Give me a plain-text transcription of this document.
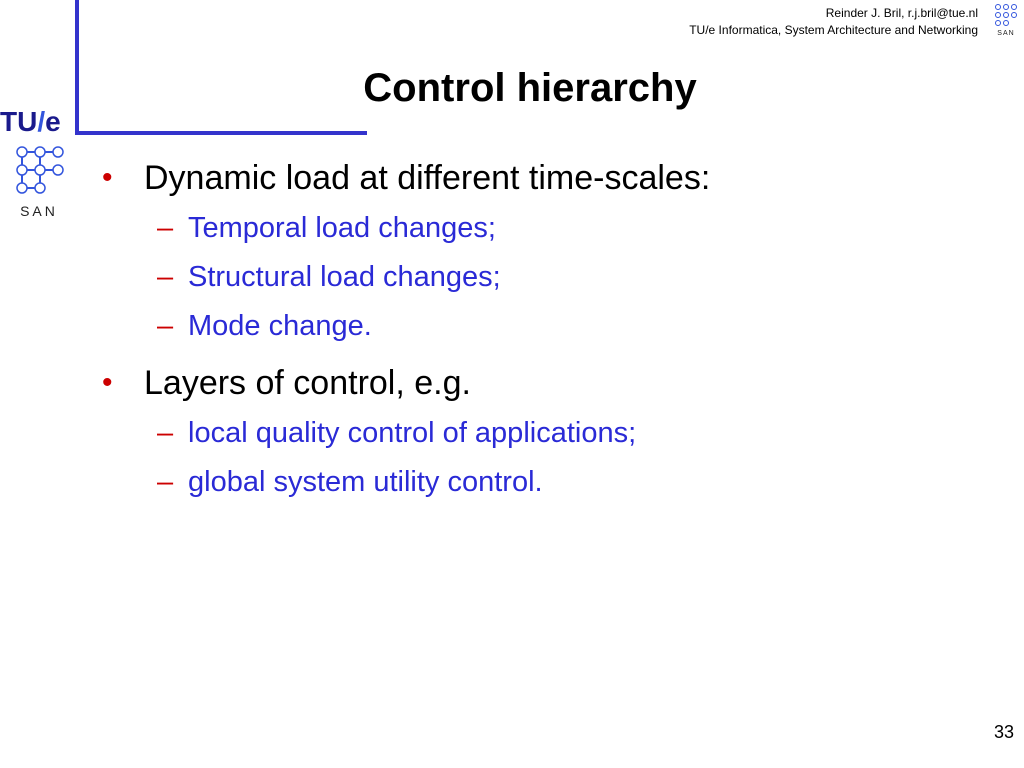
TU/e
SAN
SAN
Reinder J. Bril, r.j.bril@tue.nl
TU/e Informatica, System Architecture and Networking
Control hierarchy
• Dynamic load at different time-scales:
– Temporal load changes;
– Structural load changes;
– Mode change.
• Layers of control, e.g.
– local quality control of applications;
– global system utility control.
33
